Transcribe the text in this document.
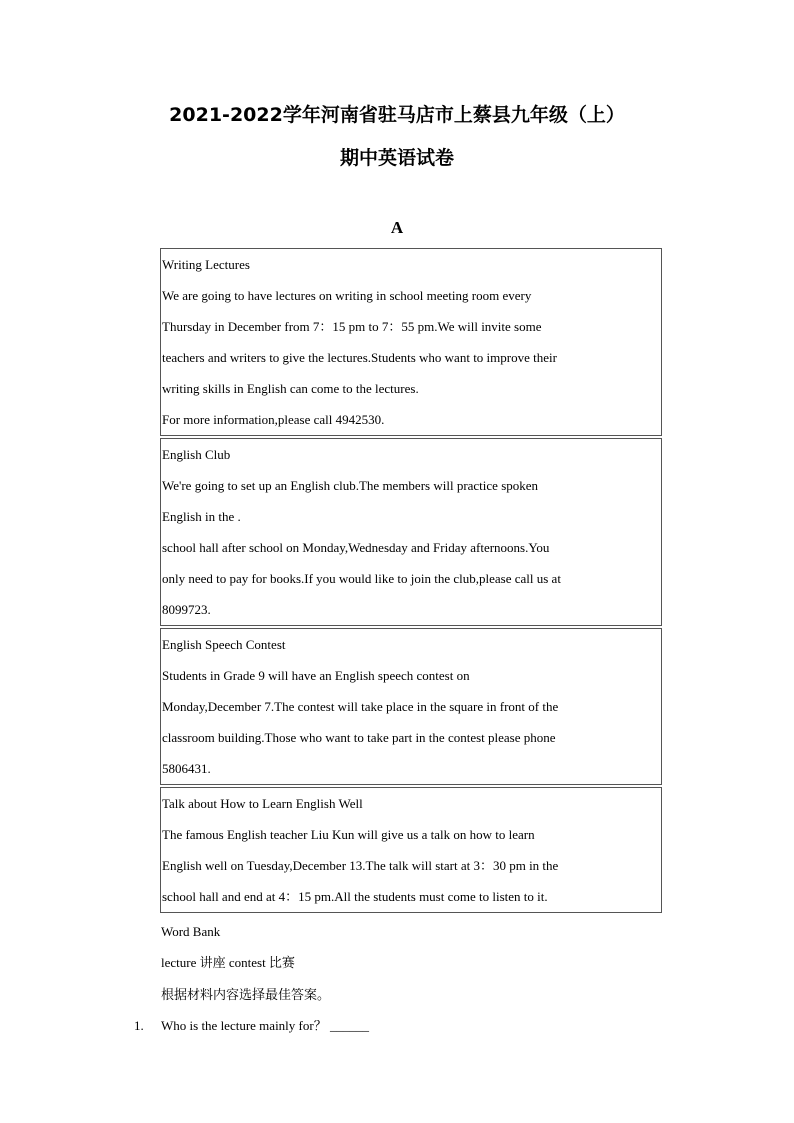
2021-2022学年河南省驻马店市上蔡县九年级（上）
期中英语试卷
A
Writing Lectures
We are going to have lectures on writing in school meeting room every
Thursday in December from 7：15 pm to 7：55 pm.We will invite some
teachers and writers to give the lectures.Students who want to improve their
writing skills in English can come to the lectures.
For more information,please call 4942530.
English Club
We're going to set up an English club.The members will practice spoken
English in the .
school hall after school on Monday,Wednesday and Friday afternoons.You
only need to pay for books.If you would like to join the club,please call us at
8099723.
English Speech Contest
Students in Grade 9 will have an English speech contest on
Monday,December 7.The contest will take place in the square in front of the
classroom building.Those who want to take part in the contest please phone
5806431.
Talk about How to Learn English Well
The famous English teacher Liu Kun will give us a talk on how to learn
English well on Tuesday,December 13.The talk will start at 3：30 pm in the
school hall and end at 4：15 pm.All the students must come to listen to it.
Word Bank
lecture 讲座 contest 比赛
根据材料内容选择最佳答案。
1. Who is the lecture mainly for？ ______
